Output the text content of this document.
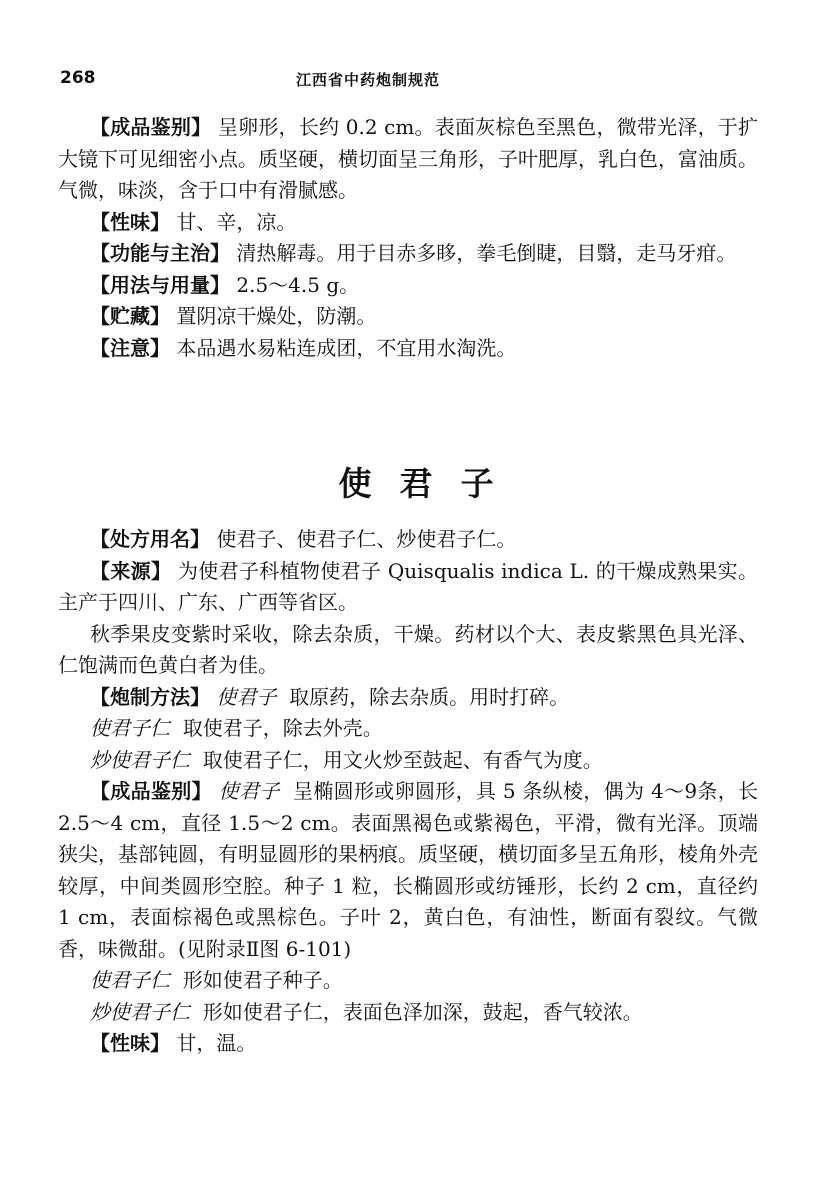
268	江西省中药炮制规范

【成品鉴别】 呈卵形，长约 0.2 cm。表面灰棕色至黑色，微带光泽，于扩大镜下可见细密小点。质坚硬，横切面呈三角形，子叶肥厚，乳白色，富油质。气微，味淡，含于口中有滑腻感。

【性味】 甘、辛，凉。

【功能与主治】 清热解毒。用于目赤多眵，拳毛倒睫，目翳，走马牙疳。

【用法与用量】 2.5～4.5 g。

【贮藏】 置阴凉干燥处，防潮。

【注意】 本品遇水易粘连成团，不宜用水淘洗。

使君子

【处方用名】 使君子、使君子仁、炒使君子仁。

【来源】 为使君子科植物使君子 Quisqualis indica L. 的干燥成熟果实。主产于四川、广东、广西等省区。

秋季果皮变紫时采收，除去杂质，干燥。药材以个大、表皮紫黑色具光泽、仁饱满而色黄白者为佳。

【炮制方法】 使君子 取原药，除去杂质。用时打碎。

使君子仁 取使君子，除去外壳。

炒使君子仁 取使君子仁，用文火炒至鼓起、有香气为度。

【成品鉴别】 使君子 呈椭圆形或卵圆形，具 5 条纵棱，偶为 4～9条，长 2.5～4 cm，直径 1.5～2 cm。表面黑褐色或紫褐色，平滑，微有光泽。顶端狭尖，基部钝圆，有明显圆形的果柄痕。质坚硬，横切面多呈五角形，棱角外壳较厚，中间类圆形空腔。种子 1 粒，长椭圆形或纺锤形，长约 2 cm，直径约 1 cm，表面棕褐色或黑棕色。子叶 2，黄白色，有油性，断面有裂纹。气微香，味微甜。(见附录Ⅱ图 6-101)

使君子仁 形如使君子种子。

炒使君子仁 形如使君子仁，表面色泽加深，鼓起，香气较浓。

【性味】 甘，温。
